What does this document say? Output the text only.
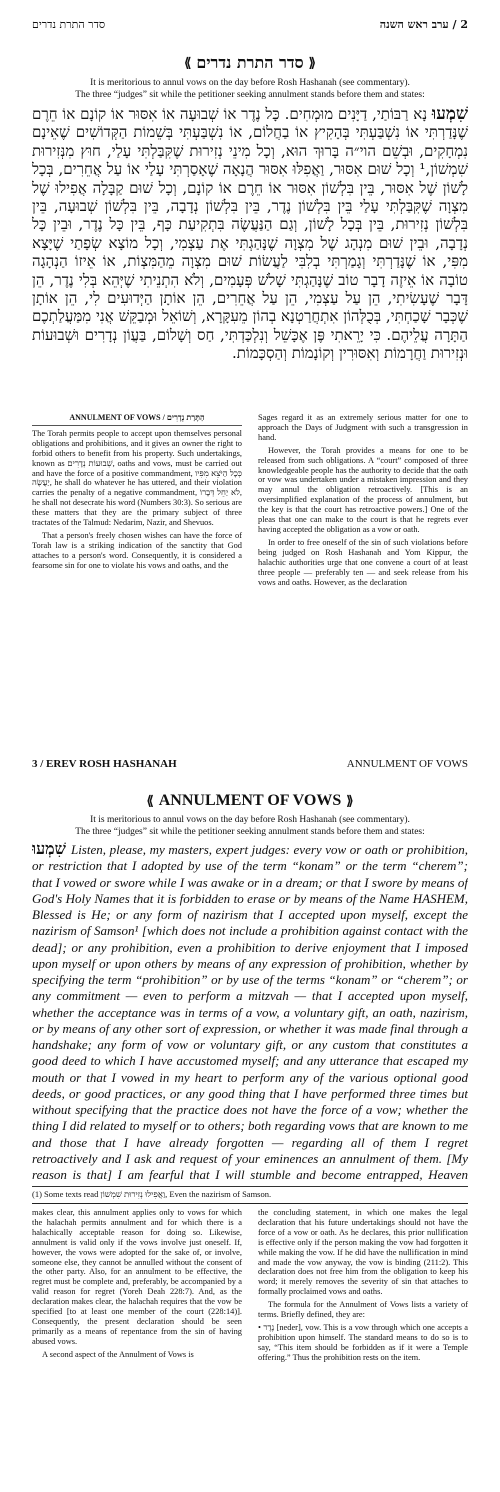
סדר התרת נדרים	2 / ערב ראש השנה
⟪ סדר התרת נדרים ⟫
It is meritorious to annul vows on the day before Rosh Hashanah (see commentary).
The three “judges” sit while the petitioner seeking annulment stands before them and states:
שִׁמְעוּ נָא רַבּוֹתַי, דַיָּנִים מוּמְחִים. כָּל נֶדֶר אוֹ שְׁבוּעָה אוֹ אִסּוּר אוֹ קוֹנָם אוֹ חֵרֶם שֶׁנָּדַרְתִּי אוֹ נִשְׁבַּעְתִּי בְּהָקִיץ אוֹ בַחֲלוֹם, אוֹ נִשְׁבַּעְתִּי בְּשֵׁמוֹת הַקְּדוֹשִׁים שֶׁאֵינָם נִמְחָקִים, וּבְשֵׁם הוי״ה בָּרוּךְ הוּא, וְכָל מִינֵי נְזִירוּת שֶׁקִּבַּלְתִּי עָלַי, חוּץ מִנְּזִירוּת שִׁמְשׁוֹן,¹ וְכָל שׁוּם אִסּוּר, וַאֲפִלּוּ אִסּוּר הֲנָאָה שֶׁאָסַרְתִּי עָלַי אוֹ עַל אֲחֵרִים, בְּכָל לָשׁוֹן שֶׁל אִסּוּר, בֵּין בִּלְשׁוֹן אִסּוּר אוֹ חֵרֶם אוֹ קוֹנָם, וְכָל שׁוּם קַבָּלָה אֲפִילוּ שֶׁל מִצְוָה שֶׁקִּבַּלְתִּי עָלַי בֵּין בִּלְשׁוֹן נֶדֶר, בֵּין בִּלְשׁוֹן נְדָבָה, בֵּין בִּלְשׁוֹן שְׁבוּעָה, בֵּין בִּלְשׁוֹן נְזִירוּת, בֵּין בְּכָל לָשׁוֹן, וְגַם הַנַּעֲשֶׂה בִּתְקִיעַת כָּף, בֵּין כָּל נֶדֶר, וּבֵין כָּל נְדָבָה, וּבֵין שׁוּם מִנְהָג שֶׁל מִצְוָה שֶׁנָּהַגְתִּי אֶת עַצְמִי, וְכָל מוֹצָא שְׂפָתַי שֶׁיָּצָא מִפִּי, אוֹ שֶׁנָּדַרְתִּי וְגָמַרְתִּי בְלִבִּי לַעֲשׂוֹת שׁוּם מִצְוָה מֵהַמִּצְוֹת, אוֹ אֵיזוֹ הַנְהָגָה טוֹבָה אוֹ אֵיזֶה דָבָר טוֹב שֶׁנָּהַגְתִּי שָׁלֹשׁ פְּעָמִים, וְלֹא הִתְנֵיתִי שֶׁיְּהֵא בְּלִי נֶדֶר, הֵן דָּבָר שֶׁעָשִׂיתִי, הֵן עַל עַצְמִי, הֵן עַל אֲחֵרִים, הֵן אוֹתָן הַיְּדוּעִים לִי, הֵן אוֹתָן שֶׁכְּבָר שָׁכַחְתִּי, בְּכֻלְּהוֹן אִתְחֲרַטְנָא בְהוֹן מֵעִקָּרָא, וְשׁוֹאֵל וּמְבַקֵּשׁ אֲנִי מִמַּעֲלַתְכֶם הַתָּרָה עֲלֵיהֶם. כִּי יָרֵאתִי פֶּן אֶכָּשֵׁל וְנִלְכַּדְתִּי, חַס וְשָׁלוֹם, בַּעֲוֹן נְדָרִים וּשְׁבוּעוֹת וּנְזִירוּת וַחֲרָמוֹת וְאִסּוּרִין וְקוֹנָמוֹת וְהַסְכָּמוֹת.
ANNULMENT OF VOWS / הַתָּרַת נְדָרִים

The Torah permits people to accept upon themselves personal obligations and prohibitions, and it gives an owner the right to forbid others to benefit from his property. Such undertakings, known as שְׁבוּעוֹת נְדָרִים, oaths and vows, must be carried out and have the force of a positive commandment, כְּכָל הַיֹּצֵא מִפִּיו יַעֲשֶׂה, he shall do whatever he has uttered, and their violation carries the penalty of a negative commandment, לֹא יַחֵל דְּבָרוֹ, he shall not desecrate his word (Numbers 30:3). So serious are these matters that they are the primary subject of three tractates of the Talmud: Nedarim, Nazir, and Shevuos.

That a person's freely chosen wishes can have the force of Torah law is a striking indication of the sanctity that God attaches to a person's word. Consequently, it is considered a fearsome sin for one to violate his vows and oaths, and the

Sages regard it as an extremely serious matter for one to approach the Days of Judgment with such a transgression in hand.

However, the Torah provides a means for one to be released from such obligations. A “court” composed of three knowledgeable people has the authority to decide that the oath or vow was undertaken under a mistaken impression and they may annul the obligation retroactively. [This is an oversimplified explanation of the process of annulment, but the key is that the court has retroactive powers.] One of the pleas that one can make to the court is that he regrets ever having accepted the obligation as a vow or oath.

In order to free oneself of the sin of such violations before being judged on Rosh Hashanah and Yom Kippur, the halachic authorities urge that one convene a court of at least three people — preferably ten — and seek release from his vows and oaths. However, as the declaration

3 / EREV ROSH HASHANAH	ANNULMENT OF VOWS
⟪ ANNULMENT OF VOWS ⟫
It is meritorious to annul vows on the day before Rosh Hashanah (see commentary).
The three “judges” sit while the petitioner seeking annulment stands before them and states:
שִׁמְעוּ Listen, please, my masters, expert judges: every vow or oath or prohibition, or restriction that I adopted by use of the term “konam” or the term “cherem”; that I vowed or swore while I was awake or in a dream; or that I swore by means of God's Holy Names that it is forbidden to erase or by means of the Name HASHEM, Blessed is He; or any form of nazirism that I accepted upon myself, except the nazirism of Samson¹ [which does not include a prohibition against contact with the dead]; or any prohibition, even a prohibition to derive enjoyment that I imposed upon myself or upon others by means of any expression of prohibition, whether by specifying the term “prohibition” or by use of the terms “konam” or “cherem”; or any commitment — even to perform a mitzvah — that I accepted upon myself, whether the acceptance was in terms of a vow, a voluntary gift, an oath, nazirism, or by means of any other sort of expression, or whether it was made final through a handshake; any form of vow or voluntary gift, or any custom that constitutes a good deed to which I have accustomed myself; and any utterance that escaped my mouth or that I vowed in my heart to perform any of the various optional good deeds, or good practices, or any good thing that I have performed three times but without specifying that the practice does not have the force of a vow; whether the thing I did related to myself or to others; both regarding vows that are known to me and those that I have already forgotten — regarding all of them I regret retroactively and I ask and request of your eminences an annulment of them. [My reason is that] I am fearful that I will stumble and become entrapped, Heaven
(1) Some texts read וַאֲפִילוּ נְזִירוּת שִׁמְשׁוֹן, Even the nazirism of Samson.

makes clear, this annulment applies only to vows for which the halachah permits annulment and for which there is a halachically acceptable reason for doing so. Likewise, annulment is valid only if the vows involve just oneself. If, however, the vows were adopted for the sake of, or involve, someone else, they cannot be annulled without the consent of the other party. Also, for an annulment to be effective, the regret must be complete and, preferably, be accompanied by a valid reason for regret (Yoreh Deah 228:7). And, as the declaration makes clear, the halachah requires that the vow be specified [to at least one member of the court (228:14)]. Consequently, the present declaration should be seen primarily as a means of repentance from the sin of having abused vows.

A second aspect of the Annulment of Vows is

the concluding statement, in which one makes the legal declaration that his future undertakings should not have the force of a vow or oath. As he declares, this prior nullification is effective only if the person making the vow had forgotten it while making the vow. If he did have the nullification in mind and made the vow anyway, the vow is binding (211:2). This declaration does not free him from the obligation to keep his word; it merely removes the severity of sin that attaches to formally proclaimed vows and oaths.

The formula for the Annulment of Vows lists a variety of terms. Briefly defined, they are:

• נֶדֶר [neder], vow. This is a vow through which one accepts a prohibition upon himself. The standard means to do so is to say, “This item should be forbidden as if it were a Temple offering.” Thus the prohibition rests on the item.
